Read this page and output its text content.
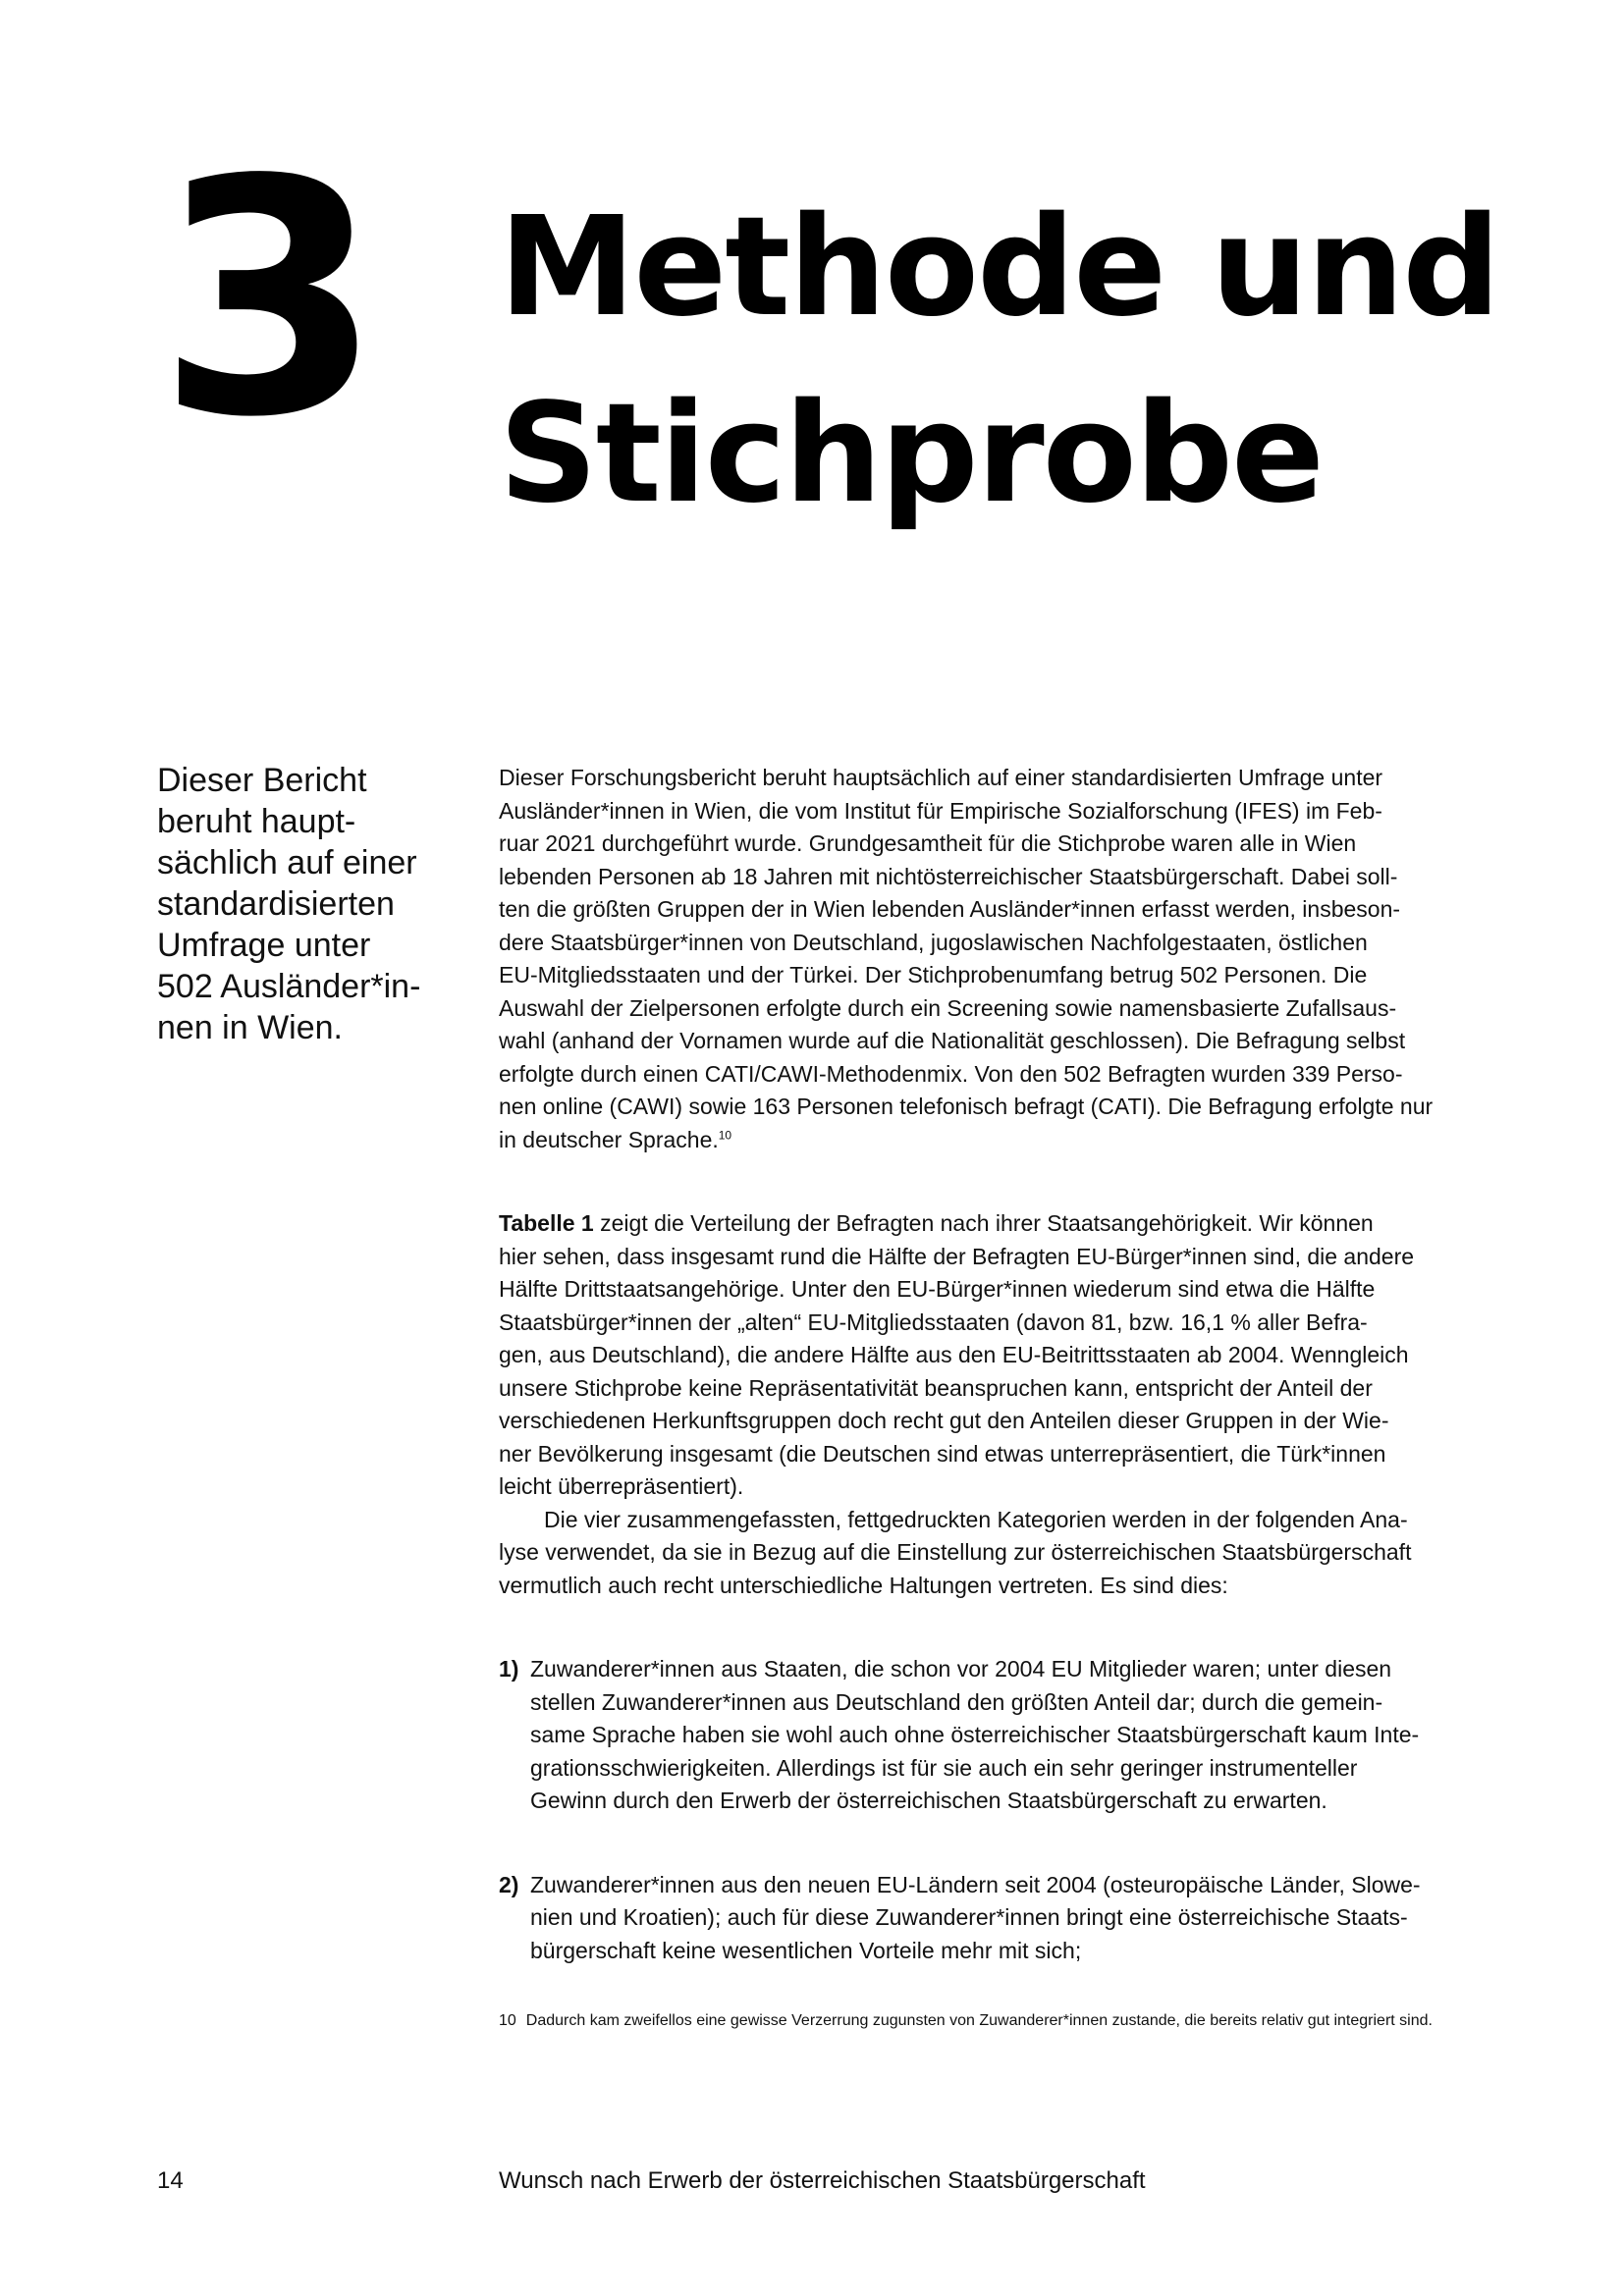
3 Methode und
Stichprobe
Dieser Bericht
beruht haupt-
sächlich auf einer
standardisierten
Umfrage unter
502 Ausländer*in-
nen in Wien.

Dieser Forschungsbericht beruht hauptsächlich auf einer standardisierten Umfrage unter
Ausländer*innen in Wien, die vom Institut für Empirische Sozialforschung (IFES) im Feb-
ruar 2021 durchgeführt wurde. Grundgesamtheit für die Stichprobe waren alle in Wien
lebenden Personen ab 18 Jahren mit nichtösterreichischer Staatsbürgerschaft. Dabei soll-
ten die größten Gruppen der in Wien lebenden Ausländer*innen erfasst werden, insbeson-
dere Staatsbürger*innen von Deutschland, jugoslawischen Nachfolgestaaten, östlichen
EU-Mitgliedsstaaten und der Türkei. Der Stichprobenumfang betrug 502 Personen. Die
Auswahl der Zielpersonen erfolgte durch ein Screening sowie namensbasierte Zufallsaus-
wahl (anhand der Vornamen wurde auf die Nationalität geschlossen). Die Befragung selbst
erfolgte durch einen CATI/CAWI-Methodenmix. Von den 502 Befragten wurden 339 Perso-
nen online (CAWI) sowie 163 Personen telefonisch befragt (CATI). Die Befragung erfolgte nur
in deutscher Sprache.$^{10}$

Tabelle 1 zeigt die Verteilung der Befragten nach ihrer Staatsangehörigkeit. Wir können
hier sehen, dass insgesamt rund die Hälfte der Befragten EU-Bürger*innen sind, die andere
Hälfte Drittstaatsangehörige. Unter den EU-Bürger*innen wiederum sind etwa die Hälfte
Staatsbürger*innen der „alten“ EU-Mitgliedsstaaten (davon 81, bzw. 16,1 % aller Befra-
gen, aus Deutschland), die andere Hälfte aus den EU-Beitrittsstaaten ab 2004. Wenngleich
unsere Stichprobe keine Repräsentativität beanspruchen kann, entspricht der Anteil der
verschiedenen Herkunftsgruppen doch recht gut den Anteilen dieser Gruppen in der Wie-
ner Bevölkerung insgesamt (die Deutschen sind etwas unterrepräsentiert, die Türk*innen
leicht überrepräsentiert).

Die vier zusammengefassten, fettgedruckten Kategorien werden in der folgenden Ana-
lyse verwendet, da sie in Bezug auf die Einstellung zur österreichischen Staatsbürgerschaft
vermutlich auch recht unterschiedliche Haltungen vertreten. Es sind dies:

1) Zuwanderer*innen aus Staaten, die schon vor 2004 EU Mitglieder waren; unter diesen
stellen Zuwanderer*innen aus Deutschland den größten Anteil dar; durch die gemein-
same Sprache haben sie wohl auch ohne österreichischer Staatsbürgerschaft kaum Inte-
grationsschwierigkeiten. Allerdings ist für sie auch ein sehr geringer instrumenteller
Gewinn durch den Erwerb der österreichischen Staatsbürgerschaft zu erwarten.
2) Zuwanderer*innen aus den neuen EU-Ländern seit 2004 (osteuropäische Länder, Slowe-
nien und Kroatien); auch für diese Zuwanderer*innen bringt eine österreichische Staats-
bürgerschaft keine wesentlichen Vorteile mehr mit sich;
10 Dadurch kam zweifellos eine gewisse Verzerrung zugunsten von Zuwanderer*innen zustande, die bereits relativ gut integriert sind.
14	Wunsch nach Erwerb der österreichischen Staatsbürgerschaft
